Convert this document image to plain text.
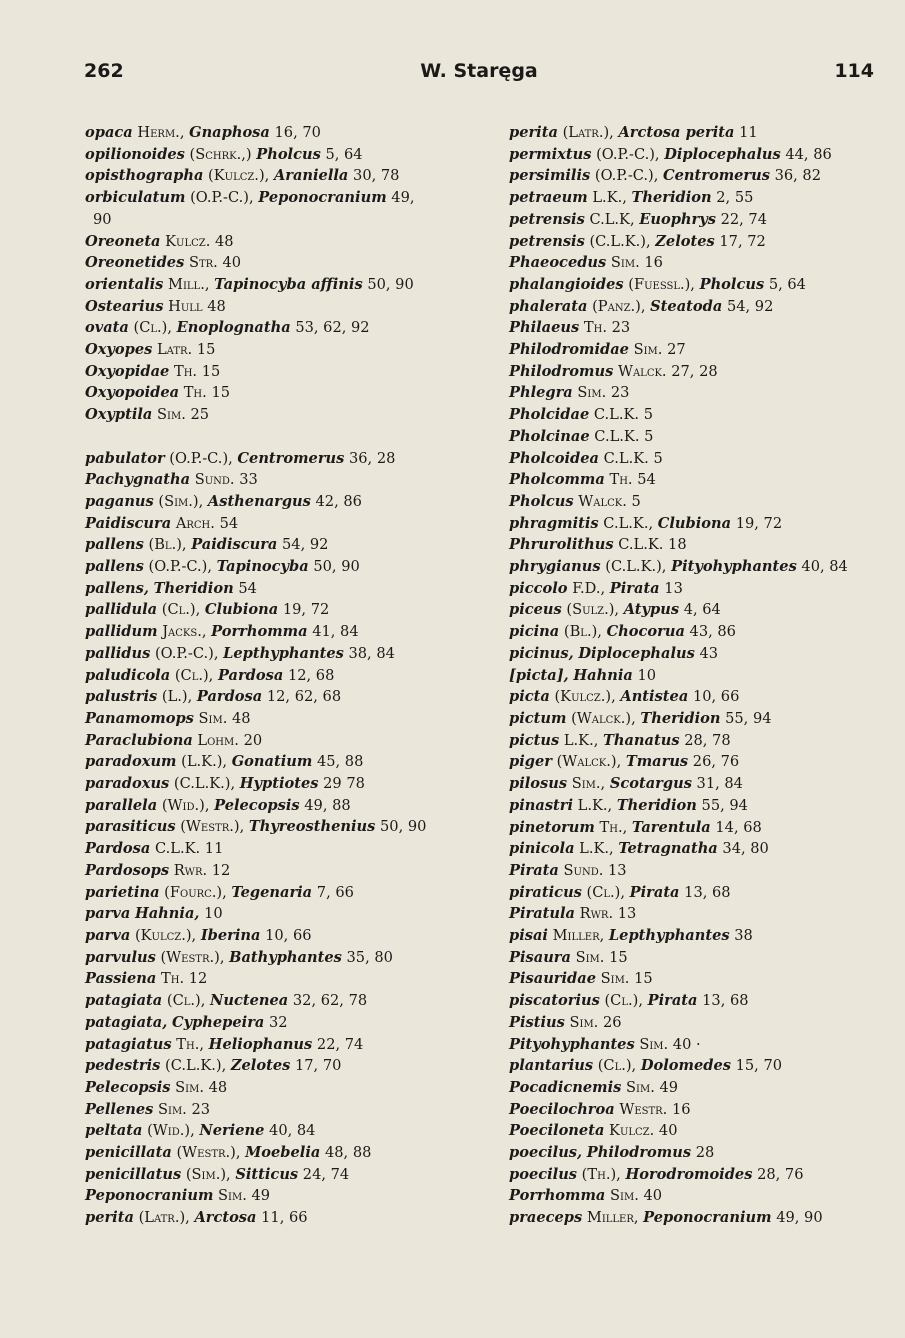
262	W. Staręga	114
opaca Herm., Gnaphosa 16, 70
opilionoides (Schrk.,) Pholcus 5, 64
opisthographa (Kulcz.), Araniella 30, 78
orbiculatum (O.P.-C.), Peponocranium 49,
90
Oreoneta Kulcz. 48
Oreonetides Str. 40
orientalis Mill., Tapinocyba affinis 50, 90
Ostearius Hull 48
ovata (Cl.), Enoplognatha 53, 62, 92
Oxyopes Latr. 15
Oxyopidae Th. 15
Oxyopoidea Th. 15
Oxyptila Sim. 25
pabulator (O.P.-C.), Centromerus 36, 28
Pachygnatha Sund. 33
paganus (Sim.), Asthenargus 42, 86
Paidiscura Arch. 54
pallens (Bl.), Paidiscura 54, 92
pallens (O.P.-C.), Tapinocyba 50, 90
pallens, Theridion 54
pallidula (Cl.), Clubiona 19, 72
pallidum Jacks., Porrhomma 41, 84
pallidus (O.P.-C.), Lepthyphantes 38, 84
paludicola (Cl.), Pardosa 12, 68
palustris (L.), Pardosa 12, 62, 68
Panamomops Sim. 48
Paraclubiona Lohm. 20
paradoxum (L.K.), Gonatium 45, 88
paradoxus (C.L.K.), Hyptiotes 29 78
parallela (Wid.), Pelecopsis 49, 88
parasiticus (Westr.), Thyreosthenius 50, 90
Pardosa C.L.K. 11
Pardosops Rwr. 12
parietina (Fourc.), Tegenaria 7, 66
parva Hahnia, 10
parva (Kulcz.), Iberina 10, 66
parvulus (Westr.), Bathyphantes 35, 80
Passiena Th. 12
patagiata (Cl.), Nuctenea 32, 62, 78
patagiata, Cyphepeira 32
patagiatus Th., Heliophanus 22, 74
pedestris (C.L.K.), Zelotes 17, 70
Pelecopsis Sim. 48
Pellenes Sim. 23
peltata (Wid.), Neriene 40, 84
penicillata (Westr.), Moebelia 48, 88
penicillatus (Sim.), Sitticus 24, 74
Peponocranium Sim. 49
perita (Latr.), Arctosa 11, 66
perita (Latr.), Arctosa perita 11
permixtus (O.P.-C.), Diplocephalus 44, 86
persimilis (O.P.-C.), Centromerus 36, 82
petraeum L.K., Theridion 2, 55
petrensis C.L.K, Euophrys 22, 74
petrensis (C.L.K.), Zelotes 17, 72
Phaeocedus Sim. 16
phalangioides (Fuessl.), Pholcus 5, 64
phalerata (Panz.), Steatoda 54, 92
Philaeus Th. 23
Philodromidae Sim. 27
Philodromus Walck. 27, 28
Phlegra Sim. 23
Pholcidae C.L.K. 5
Pholcinae C.L.K. 5
Pholcoidea C.L.K. 5
Pholcomma Th. 54
Pholcus Walck. 5
phragmitis C.L.K., Clubiona 19, 72
Phrurolithus C.L.K. 18
phrygianus (C.L.K.), Pityohyphantes 40, 84
piccolo F.D., Pirata 13
piceus (Sulz.), Atypus 4, 64
picina (Bl.), Chocorua 43, 86
picinus, Diplocephalus 43
[picta], Hahnia 10
picta (Kulcz.), Antistea 10, 66
pictum (Walck.), Theridion 55, 94
pictus L.K., Thanatus 28, 78
piger (Walck.), Tmarus 26, 76
pilosus Sim., Scotargus 31, 84
pinastri L.K., Theridion 55, 94
pinetorum Th., Tarentula 14, 68
pinicola L.K., Tetragnatha 34, 80
Pirata Sund. 13
piraticus (Cl.), Pirata 13, 68
Piratula Rwr. 13
pisai Miller, Lepthyphantes 38
Pisaura Sim. 15
Pisauridae Sim. 15
piscatorius (Cl.), Pirata 13, 68
Pistius Sim. 26
Pityohyphantes Sim. 40 ·
plantarius (Cl.), Dolomedes 15, 70
Pocadicnemis Sim. 49
Poecilochroa Westr. 16
Poeciloneta Kulcz. 40
poecilus, Philodromus 28
poecilus (Th.), Horodromoides 28, 76
Porrhomma Sim. 40
praeceps Miller, Peponocranium 49, 90
